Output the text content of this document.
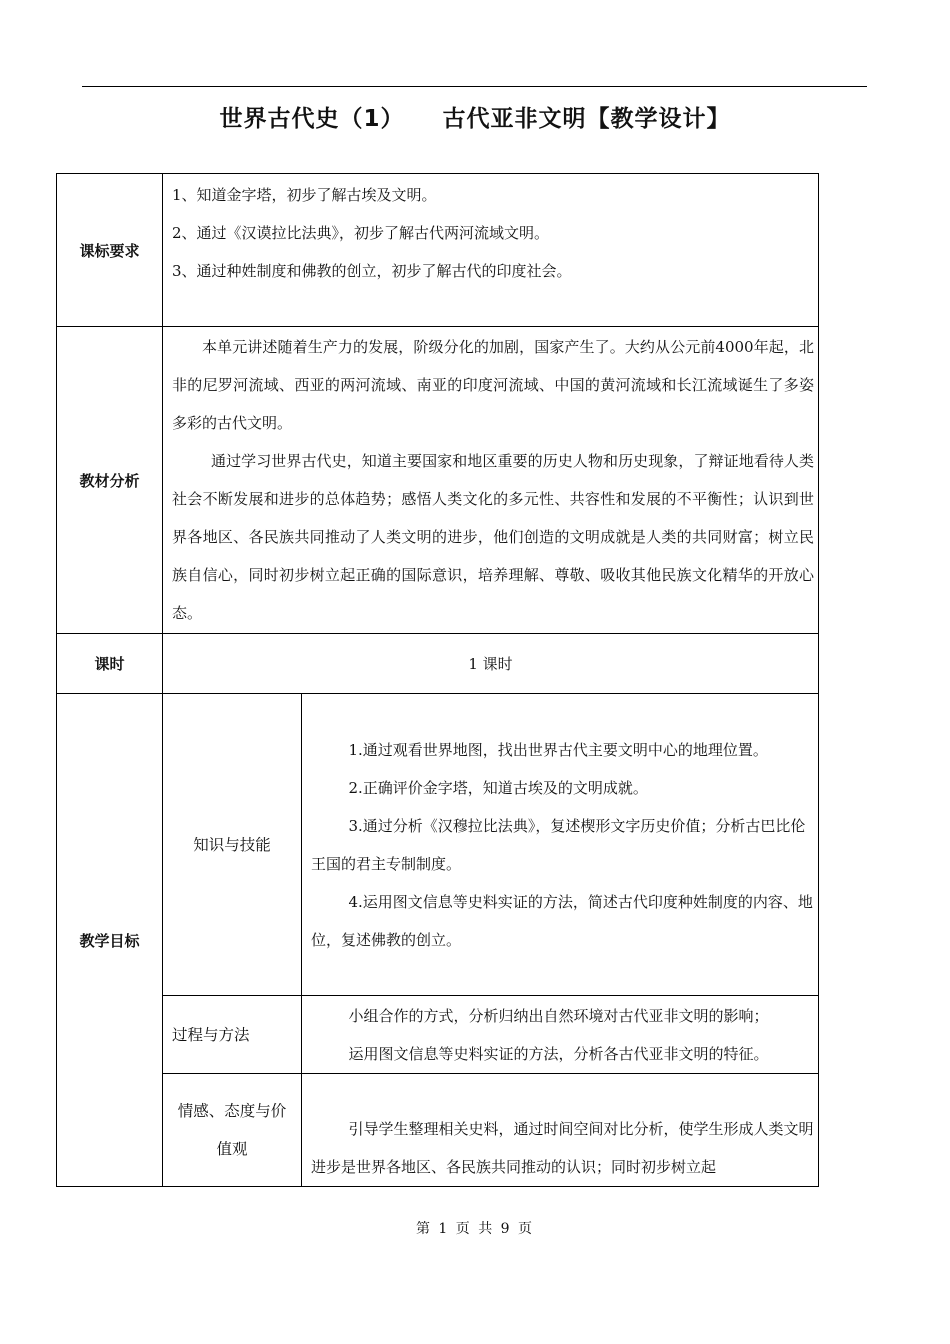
世界古代史（1） 古代亚非文明【教学设计】
课标要求	1、知道金字塔，初步了解古埃及文明。

2、通过《汉谟拉比法典》，初步了解古代两河流域文明。

3、通过种姓制度和佛教的创立，初步了解古代的印度社会。	

教材分析	本单元讲述随着生产力的发展，阶级分化的加剧，国家产生了。大约从公元前4000年起，北非的尼罗河流域、西亚的两河流域、南亚的印度河流域、中国的黄河流域和长江流域诞生了多姿多彩的古代文明。

通过学习世界古代史，知道主要国家和地区重要的历史人物和历史现象，了辩证地看待人类社会不断发展和进步的总体趋势；感悟人类文化的多元性、共容性和发展的不平衡性；认识到世界各地区、各民族共同推动了人类文明的进步，他们创造的文明成就是人类的共同财富；树立民族自信心，同时初步树立起正确的国际意识，培养理解、尊敬、吸收其他民族文化精华的开放心态。	

课时	1 课时	
教学目标	知识与技能	1.通过观看世界地图，找出世界古代主要文明中心的地理位置。

2.正确评价金字塔，知道古埃及的文明成就。

3.通过分析《汉穆拉比法典》，复述楔形文字历史价值；分析古巴比伦王国的君主专制制度。

4.运用图文信息等史料实证的方法，简述古代印度种姓制度的内容、地位，复述佛教的创立。

	过程与方法	小组合作的方式，分析归纳出自然环境对古代亚非文明的影响；

运用图文信息等史料实证的方法，分析各古代亚非文明的特征。

	情感、态度与价值观	引导学生整理相关史料，通过时间空间对比分析，使学生形成人类文明进步是世界各地区、各民族共同推动的认识；同时初步树立起

第 1 页 共 9 页
